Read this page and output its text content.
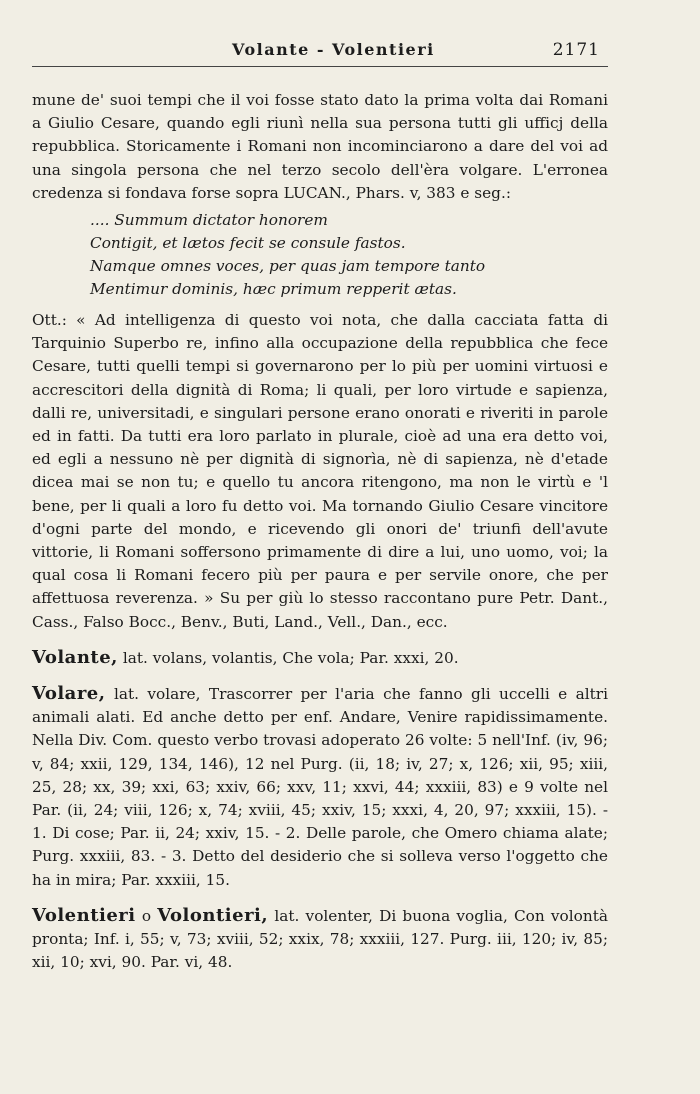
Volante - Volentieri	2171

mune de' suoi tempi che il voi fosse stato dato la prima volta dai Romani a Giulio Cesare, quando egli riunì nella sua persona tutti gli ufficj della repubblica. Storicamente i Romani non incominciarono a dare del voi ad una singola persona che nel terzo secolo dell'èra volgare. L'erronea credenza si fondava forse sopra LUCAN., Phars. v, 383 e seg.:

.... Summum dictator honorem
Contigit, et lætos fecit se consule fastos.
Namque omnes voces, per quas jam tempore tanto
Mentimur dominis, hæc primum repperit ætas.

Ott.: « Ad intelligenza di questo voi nota, che dalla cacciata fatta di Tarquinio Superbo re, infino alla occupazione della repubblica che fece Cesare, tutti quelli tempi si governarono per lo più per uomini virtuosi e accrescitori della dignità di Roma; li quali, per loro virtude e sapienza, dalli re, universitadi, e singulari persone erano onorati e riveriti in parole ed in fatti. Da tutti era loro parlato in plurale, cioè ad una era detto voi, ed egli a nessuno nè per dignità di signorìa, nè di sapienza, nè d'etade dicea mai se non tu; e quello tu ancora ritengono, ma non le virtù e 'l bene, per li quali a loro fu detto voi. Ma tornando Giulio Cesare vincitore d'ogni parte del mondo, e ricevendo gli onori de' triunfi dell'avute vittorie, li Romani soffersono primamente di dire a lui, uno uomo, voi; la qual cosa li Romani fecero più per paura e per servile onore, che per affettuosa reverenza. » Su per giù lo stesso raccontano pure Petr. Dant., Cass., Falso Bocc., Benv., Buti, Land., Vell., Dan., ecc.

Volante, lat. volans, volantis, Che vola; Par. xxxi, 20.

Volare, lat. volare, Trascorrer per l'aria che fanno gli uccelli e altri animali alati. Ed anche detto per enf. Andare, Venire rapidissimamente. Nella Div. Com. questo verbo trovasi adoperato 26 volte: 5 nell'Inf. (iv, 96; v, 84; xxii, 129, 134, 146), 12 nel Purg. (ii, 18; iv, 27; x, 126; xii, 95; xiii, 25, 28; xx, 39; xxi, 63; xxiv, 66; xxv, 11; xxvi, 44; xxxiii, 83) e 9 volte nel Par. (ii, 24; viii, 126; x, 74; xviii, 45; xxiv, 15; xxxi, 4, 20, 97; xxxiii, 15). - 1. Di cose; Par. ii, 24; xxiv, 15. - 2. Delle parole, che Omero chiama alate; Purg. xxxiii, 83. - 3. Detto del desiderio che si solleva verso l'oggetto che ha in mira; Par. xxxiii, 15.

Volentieri o Volontieri, lat. volenter, Di buona voglia, Con volontà pronta; Inf. i, 55; v, 73; xviii, 52; xxix, 78; xxxiii, 127. Purg. iii, 120; iv, 85; xii, 10; xvi, 90. Par. vi, 48.
